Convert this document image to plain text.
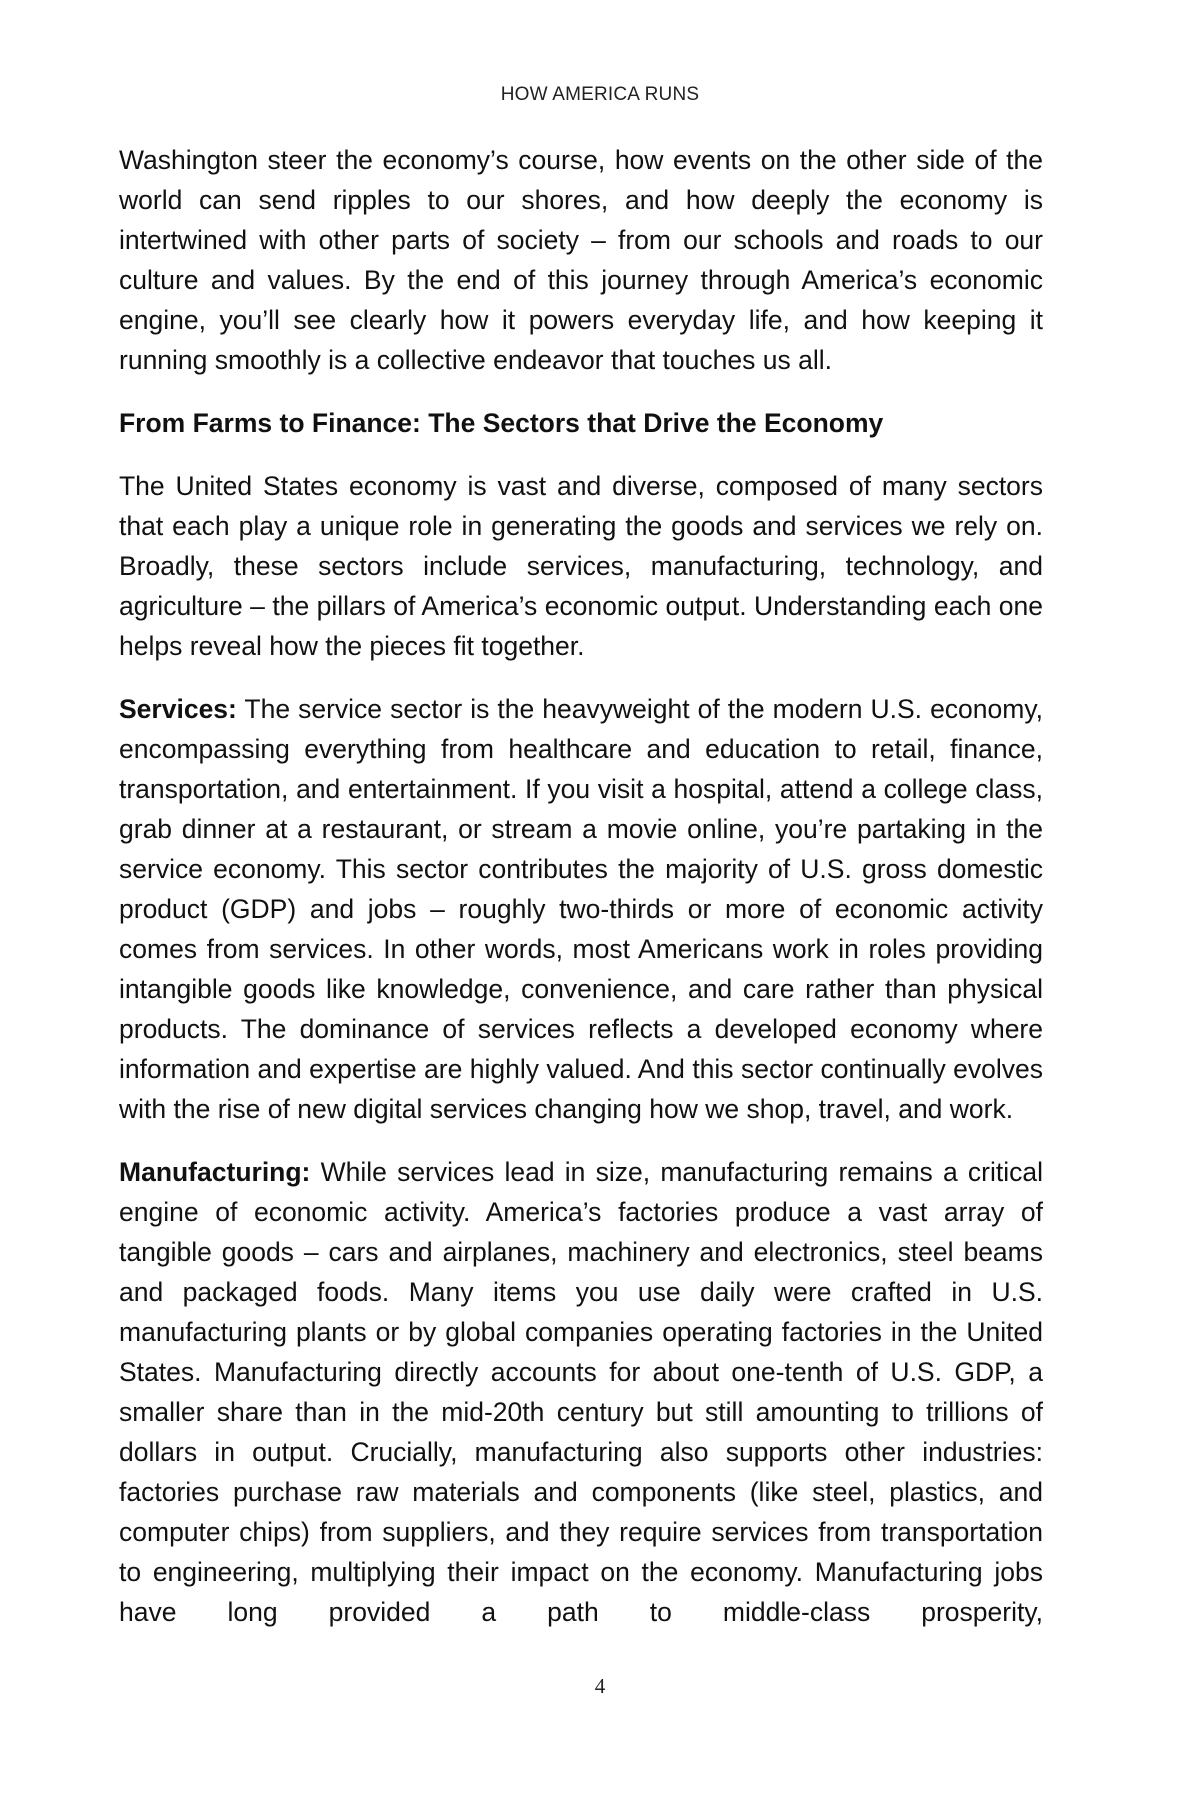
HOW AMERICA RUNS

Washington steer the economy’s course, how events on the other side of the world can send ripples to our shores, and how deeply the economy is intertwined with other parts of society – from our schools and roads to our culture and values. By the end of this journey through America’s economic engine, you’ll see clearly how it powers everyday life, and how keeping it running smoothly is a collective endeavor that touches us all.

From Farms to Finance: The Sectors that Drive the Economy

The United States economy is vast and diverse, composed of many sectors that each play a unique role in generating the goods and services we rely on. Broadly, these sectors include services, manufacturing, technology, and agriculture – the pillars of America’s economic output. Understanding each one helps reveal how the pieces fit together.

Services: The service sector is the heavyweight of the modern U.S. economy, encompassing everything from healthcare and education to retail, finance, transportation, and entertainment. If you visit a hospital, attend a college class, grab dinner at a restaurant, or stream a movie online, you’re partaking in the service economy. This sector contributes the majority of U.S. gross domestic product (GDP) and jobs – roughly two-thirds or more of economic activity comes from services. In other words, most Americans work in roles providing intangible goods like knowledge, convenience, and care rather than physical products. The dominance of services reflects a developed economy where information and expertise are highly valued. And this sector continually evolves with the rise of new digital services changing how we shop, travel, and work.

Manufacturing: While services lead in size, manufacturing remains a critical engine of economic activity. America’s factories produce a vast array of tangible goods – cars and airplanes, machinery and electronics, steel beams and packaged foods. Many items you use daily were crafted in U.S. manufacturing plants or by global companies operating factories in the United States. Manufacturing directly accounts for about one-tenth of U.S. GDP, a smaller share than in the mid-20th century but still amounting to trillions of dollars in output. Crucially, manufacturing also supports other industries: factories purchase raw materials and components (like steel, plastics, and computer chips) from suppliers, and they require services from transportation to engineering, multiplying their impact on the economy. Manufacturing jobs have long provided a path to middle-class prosperity,

4
